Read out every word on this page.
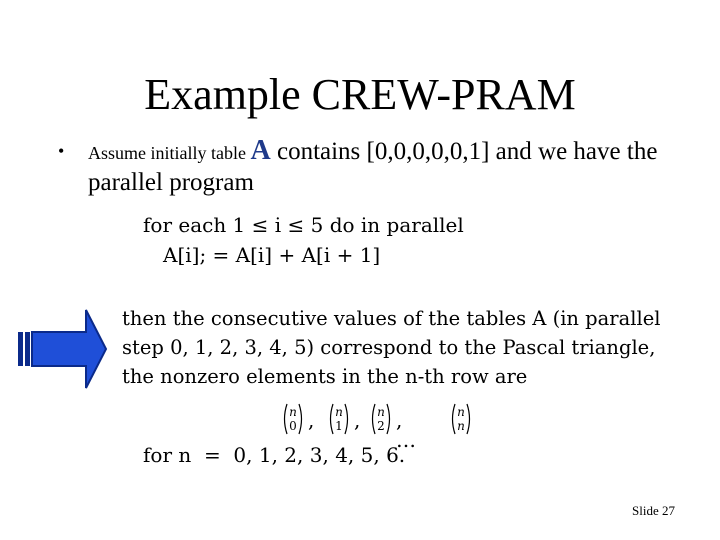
Example CREW-PRAM
• Assume initially table A contains [0,0,0,0,0,1] and we have the parallel program
for each 1 ≤ i ≤ 5 do in parallel
A[i]; = A[i] + A[i + 1]
then the consecutive values of the tables A (in parallel step 0, 1, 2, 3, 4, 5) correspond to the Pascal triangle, the nonzero elements in the n-th row are
n
0 ,	n
1 ,	n
2 , …
n
n
for n  =  0, 1, 2, 3, 4, 5, 6.
Slide 27
